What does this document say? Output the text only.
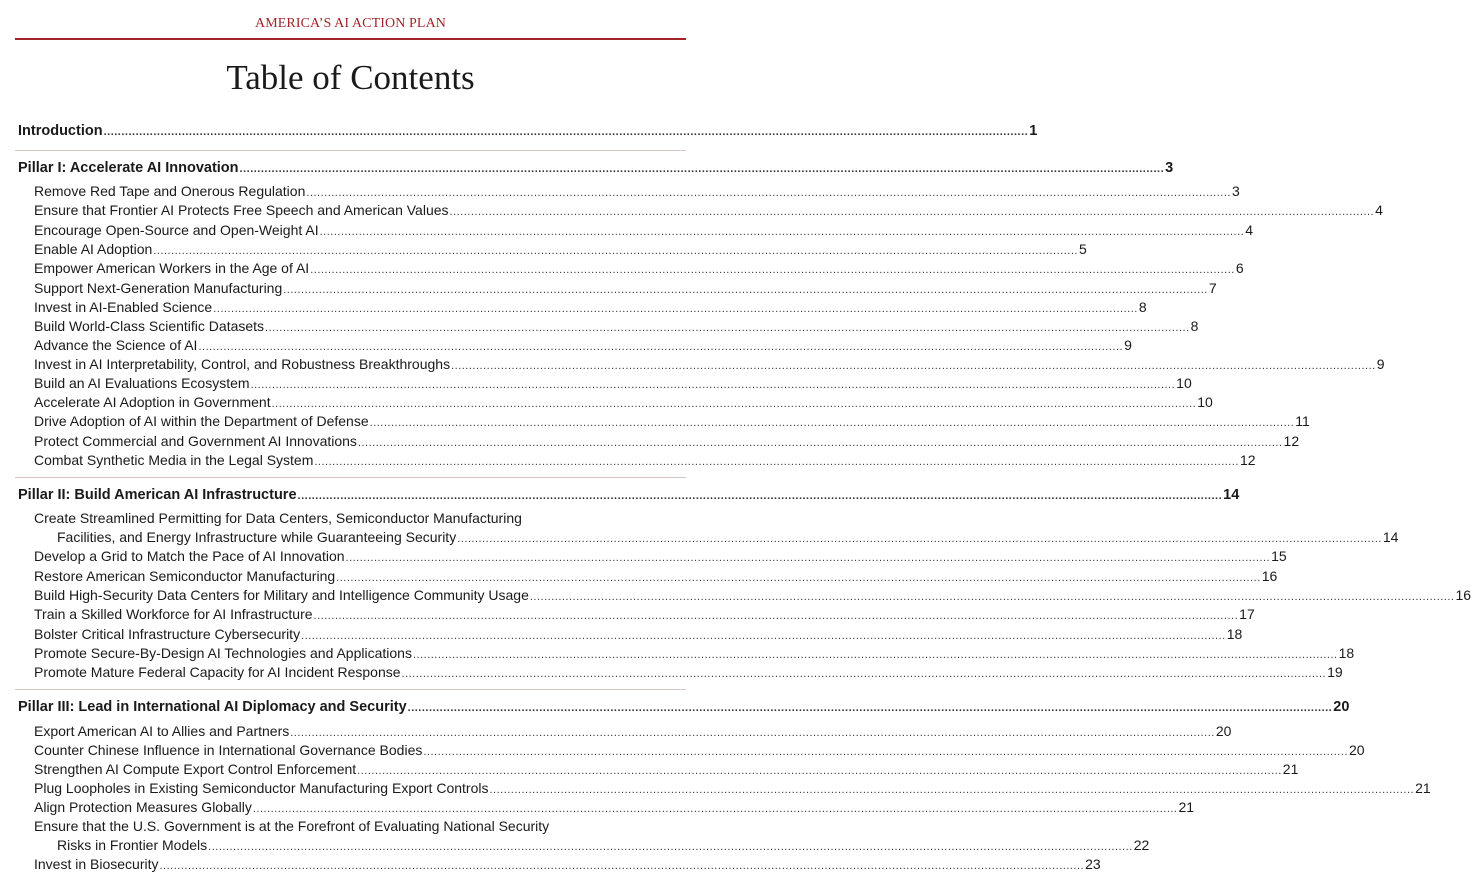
AMERICA’S AI ACTION PLAN
Table of Contents
Introduction .................................................................................................................................................................................................................................................................... 1
Pillar I: Accelerate AI Innovation .................................................................................................................................................................................................................................................................... 3
Remove Red Tape and Onerous Regulation .................................................................................................................................................................................................................................................................... 3
Ensure that Frontier AI Protects Free Speech and American Values .................................................................................................................................................................................................................................................................... 4
Encourage Open-Source and Open-Weight AI .................................................................................................................................................................................................................................................................... 4
Enable AI Adoption .................................................................................................................................................................................................................................................................... 5
Empower American Workers in the Age of AI .................................................................................................................................................................................................................................................................... 6
Support Next-Generation Manufacturing .................................................................................................................................................................................................................................................................... 7
Invest in AI-Enabled Science .................................................................................................................................................................................................................................................................... 8
Build World-Class Scientific Datasets .................................................................................................................................................................................................................................................................... 8
Advance the Science of AI .................................................................................................................................................................................................................................................................... 9
Invest in AI Interpretability, Control, and Robustness Breakthroughs .................................................................................................................................................................................................................................................................... 9
Build an AI Evaluations Ecosystem .................................................................................................................................................................................................................................................................... 10
Accelerate AI Adoption in Government .................................................................................................................................................................................................................................................................... 10
Drive Adoption of AI within the Department of Defense .................................................................................................................................................................................................................................................................... 11
Protect Commercial and Government AI Innovations .................................................................................................................................................................................................................................................................... 12
Combat Synthetic Media in the Legal System .................................................................................................................................................................................................................................................................... 12
Pillar II: Build American AI Infrastructure .................................................................................................................................................................................................................................................................... 14
Create Streamlined Permitting for Data Centers, Semiconductor Manufacturing
Facilities, and Energy Infrastructure while Guaranteeing Security .................................................................................................................................................................................................................................................................... 14
Develop a Grid to Match the Pace of AI Innovation .................................................................................................................................................................................................................................................................... 15
Restore American Semiconductor Manufacturing .................................................................................................................................................................................................................................................................... 16
Build High-Security Data Centers for Military and Intelligence Community Usage .................................................................................................................................................................................................................................................................... 16
Train a Skilled Workforce for AI Infrastructure .................................................................................................................................................................................................................................................................... 17
Bolster Critical Infrastructure Cybersecurity .................................................................................................................................................................................................................................................................... 18
Promote Secure-By-Design AI Technologies and Applications .................................................................................................................................................................................................................................................................... 18
Promote Mature Federal Capacity for AI Incident Response .................................................................................................................................................................................................................................................................... 19
Pillar III: Lead in International AI Diplomacy and Security .................................................................................................................................................................................................................................................................... 20
Export American AI to Allies and Partners .................................................................................................................................................................................................................................................................... 20
Counter Chinese Influence in International Governance Bodies .................................................................................................................................................................................................................................................................... 20
Strengthen AI Compute Export Control Enforcement .................................................................................................................................................................................................................................................................... 21
Plug Loopholes in Existing Semiconductor Manufacturing Export Controls .................................................................................................................................................................................................................................................................... 21
Align Protection Measures Globally .................................................................................................................................................................................................................................................................... 21
Ensure that the U.S. Government is at the Forefront of Evaluating National Security
Risks in Frontier Models .................................................................................................................................................................................................................................................................... 22
Invest in Biosecurity .................................................................................................................................................................................................................................................................... 23
